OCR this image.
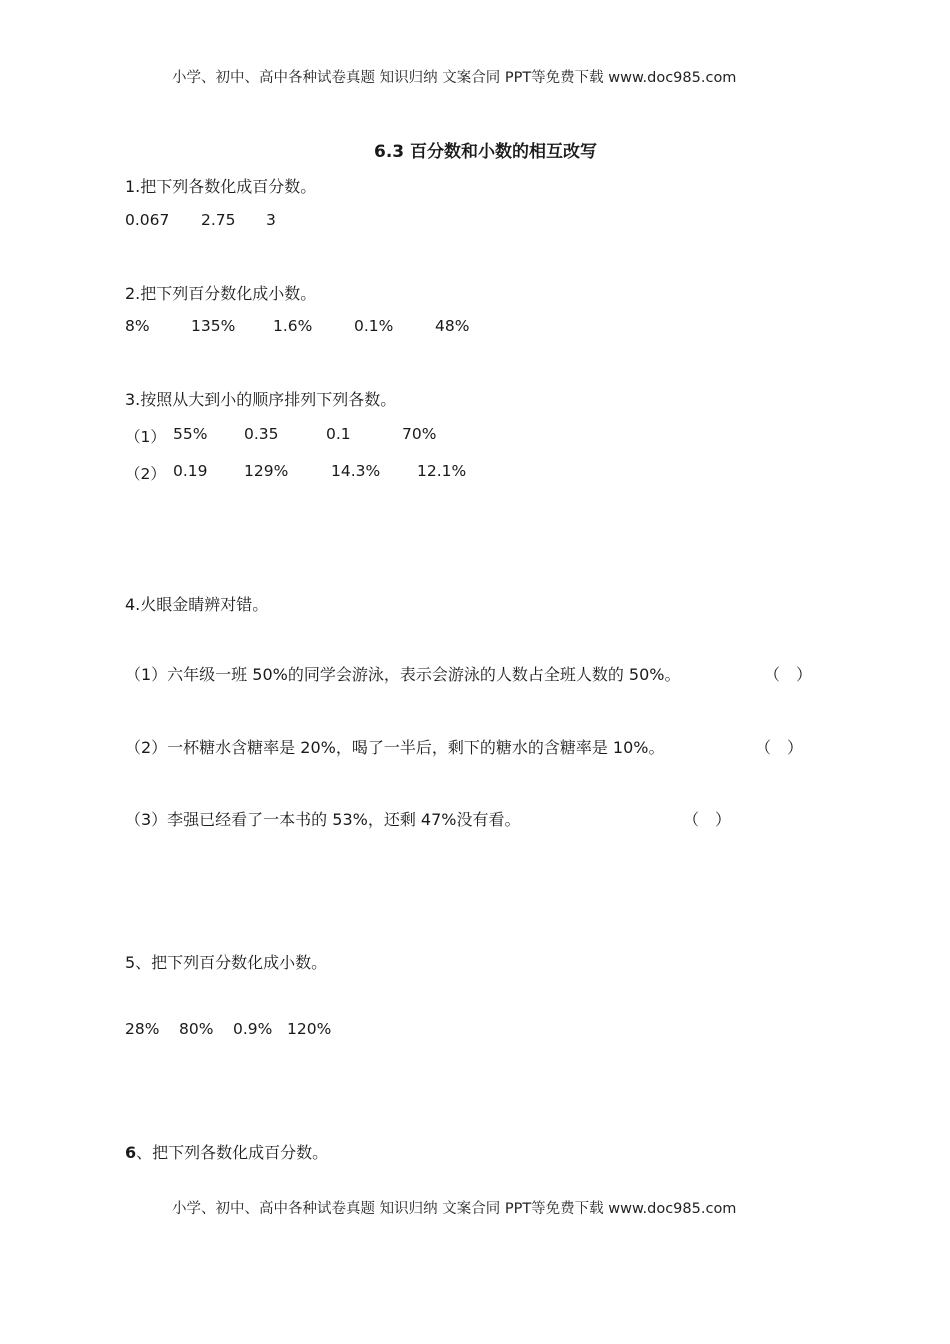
小学、初中、高中各种试卷真题 知识归纳 文案合同 PPT等免费下载 www.doc985.com
6.3 百分数和小数的相互改写
1.把下列各数化成百分数。
0.067 2.75 3
2.把下列百分数化成小数。
8%	135% 1.6%	0.1%	48%
3.按照从大到小的顺序排列下列各数。
（1） 55% 0.35	0.1	70%
（2） 0.19 129%	14.3% 12.1%
4.火眼金睛辨对错。
（1）六年级一班 50%的同学会游泳，表示会游泳的人数占全班人数的 50%。	（　）
（2）一杯糖水含糖率是 20%，喝了一半后，剩下的糖水的含糖率是 10%。	（　）
（3）李强已经看了一本书的 53%，还剩 47%没有看。	（　）
5、把下列百分数化成小数。
28% 80% 0.9% 120%
6、把下列各数化成百分数。
小学、初中、高中各种试卷真题 知识归纳 文案合同 PPT等免费下载 www.doc985.com
